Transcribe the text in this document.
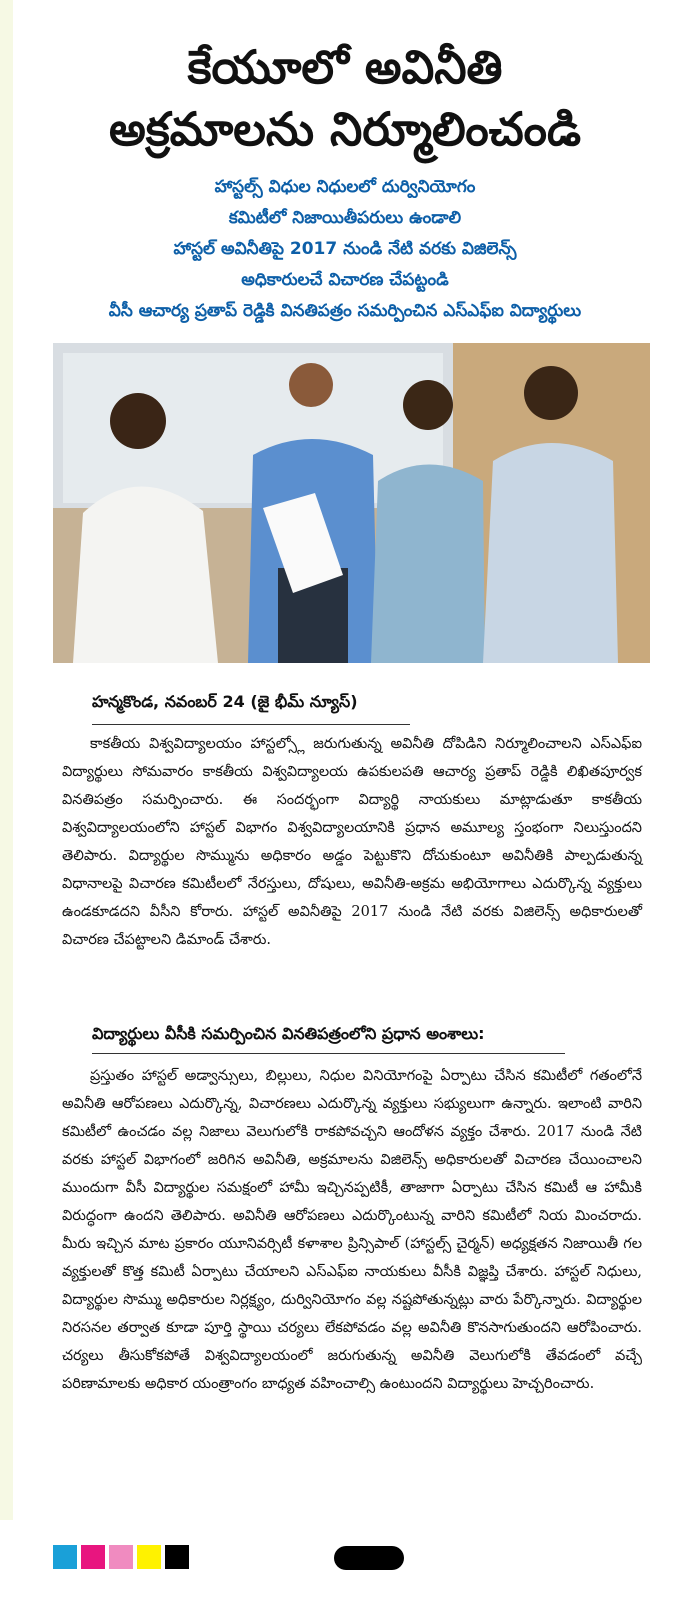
కేయూలో అవినీతి
అక్రమాలను నిర్మూలించండి
హాస్టల్స్ విధుల నిధులలో దుర్వినియోగం
కమిటీలో నిజాయితీపరులు ఉండాలి
హాస్టల్ అవినీతిపై 2017 నుండి నేటి వరకు విజిలెన్స్
అధికారులచే విచారణ చేపట్టండి
వీసీ ఆచార్య ప్రతాప్ రెడ్డికి వినతిపత్రం సమర్పించిన ఎస్ఎఫ్ఐ విద్యార్థులు
హన్మకొండ, నవంబర్ 24 (జై భీమ్ న్యూస్)

కాకతీయ విశ్వవిద్యాలయం హాస్టల్స్లో జరుగుతున్న అవినీతి దోపిడిని నిర్మూలించాలని ఎస్ఎఫ్ఐ విద్యార్థులు సోమవారం కాకతీయ విశ్వవిద్యాలయ ఉపకులపతి ఆచార్య ప్రతాప్ రెడ్డికి లిఖితపూర్వక వినతిపత్రం సమర్పించారు. ఈ సందర్భంగా విద్యార్థి నాయకులు మాట్లాడుతూ కాకతీయ విశ్వవిద్యాలయంలోని హాస్టల్ విభాగం విశ్వవిద్యాలయానికి ప్రధాన అమూల్య స్తంభంగా నిలుస్తుందని తెలిపారు. విద్యార్థుల సొమ్మును అధికారం అడ్డం పెట్టుకొని దోచుకుంటూ అవినీతికి పాల్పడుతున్న విధానాలపై విచారణ కమిటీలలో నేరస్తులు, దోషులు, అవినీతి-అక్రమ అభియోగాలు ఎదుర్కొన్న వ్యక్తులు ఉండకూడదని వీసీని కోరారు. హాస్టల్ అవినీతిపై 2017 నుండి నేటి వరకు విజిలెన్స్ అధికారులతో విచారణ చేపట్టాలని డిమాండ్ చేశారు.

విద్యార్థులు వీసీకి సమర్పించిన వినతిపత్రంలోని ప్రధాన అంశాలు:

ప్రస్తుతం హాస్టల్ అడ్వాన్సులు, బిల్లులు, నిధుల వినియోగంపై ఏర్పాటు చేసిన కమిటీలో గతంలోనే అవినీతి ఆరోపణలు ఎదుర్కొన్న, విచారణలు ఎదుర్కొన్న వ్యక్తులు సభ్యులుగా ఉన్నారు. ఇలాంటి వారిని కమిటీలో ఉంచడం వల్ల నిజాలు వెలుగులోకి రాకపోవచ్చని ఆందోళన వ్యక్తం చేశారు. 2017 నుండి నేటి వరకు హాస్టల్ విభాగంలో జరిగిన అవినీతి, అక్రమాలను విజిలెన్స్ అధికారులతో విచారణ చేయించాలని ముందుగా వీసీ విద్యార్థుల సమక్షంలో హామీ ఇచ్చినప్పటికీ, తాజాగా ఏర్పాటు చేసిన కమిటీ ఆ హామీకి విరుద్ధంగా ఉందని తెలిపారు. అవినీతి ఆరోపణలు ఎదుర్కొంటున్న వారిని కమిటీలో నియ మించరాదు. మీరు ఇచ్చిన మాట ప్రకారం యూనివర్సిటీ కళాశాల ప్రిన్సిపాల్ (హాస్టల్స్ చైర్మన్) అధ్యక్షతన నిజాయితీ గల వ్యక్తులతో కొత్త కమిటీ ఏర్పాటు చేయాలని ఎస్ఎఫ్ఐ నాయకులు వీసీకి విజ్ఞప్తి చేశారు. హాస్టల్ నిధులు, విద్యార్థుల సొమ్ము అధికారుల నిర్లక్ష్యం, దుర్వినియోగం వల్ల నష్టపోతున్నట్లు వారు పేర్కొన్నారు. విద్యార్థుల నిరసనల తర్వాత కూడా పూర్తి స్థాయి చర్యలు లేకపోవడం వల్ల అవినీతి కొనసాగుతుందని ఆరోపించారు. చర్యలు తీసుకోకపోతే విశ్వవిద్యాలయంలో జరుగుతున్న అవినీతి వెలుగులోకి తేవడంలో వచ్చే పరిణామాలకు అధికార యంత్రాంగం బాధ్యత వహించాల్సి ఉంటుందని విద్యార్థులు హెచ్చరించారు.
